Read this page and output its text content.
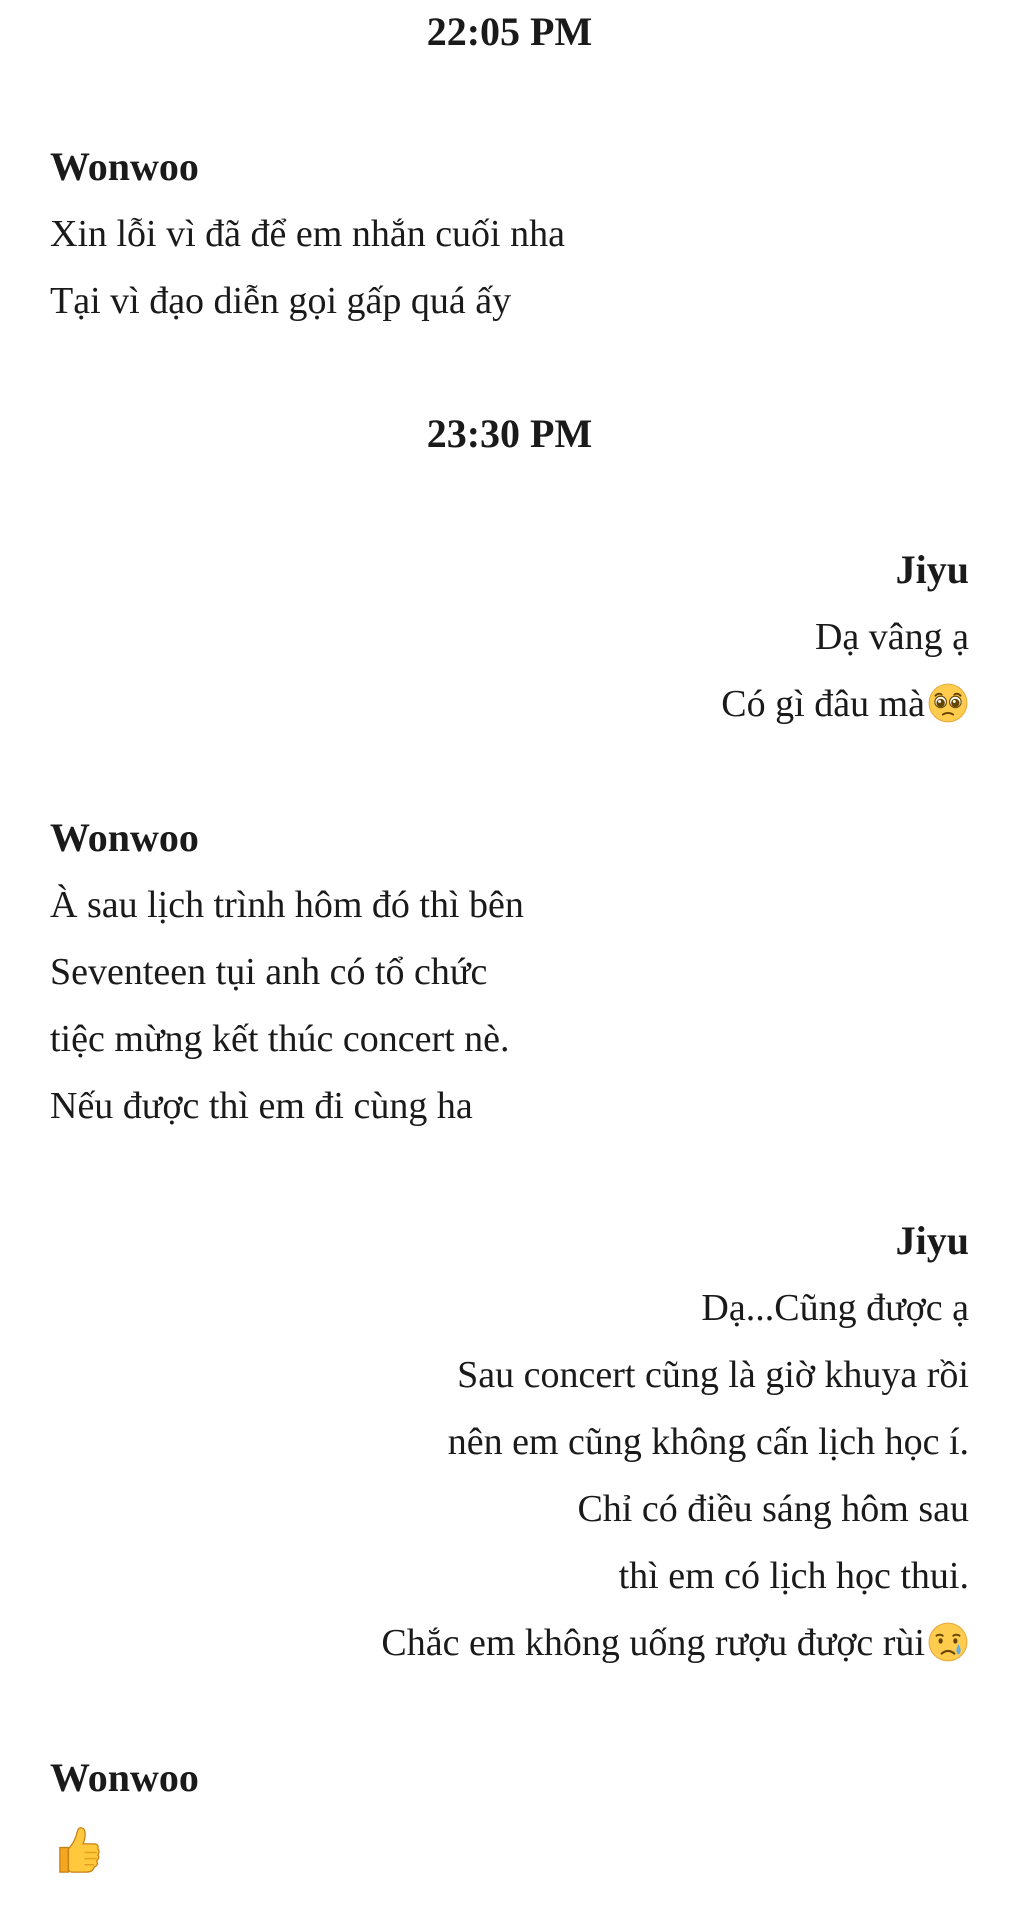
22:05 PM
Wonwoo
Xin lỗi vì đã để em nhắn cuối nha
Tại vì đạo diễn gọi gấp quá ấy
23:30 PM
Jiyu
Dạ vâng ạ
Có gì đâu mà
Wonwoo
À sau lịch trình hôm đó thì bên
Seventeen tụi anh có tổ chức
tiệc mừng kết thúc concert nè.
Nếu được thì em đi cùng ha
Jiyu
Dạ...Cũng được ạ
Sau concert cũng là giờ khuya rồi
nên em cũng không cấn lịch học í.
Chỉ có điều sáng hôm sau
thì em có lịch học thui.
Chắc em không uống rượu được rùi
Wonwoo
